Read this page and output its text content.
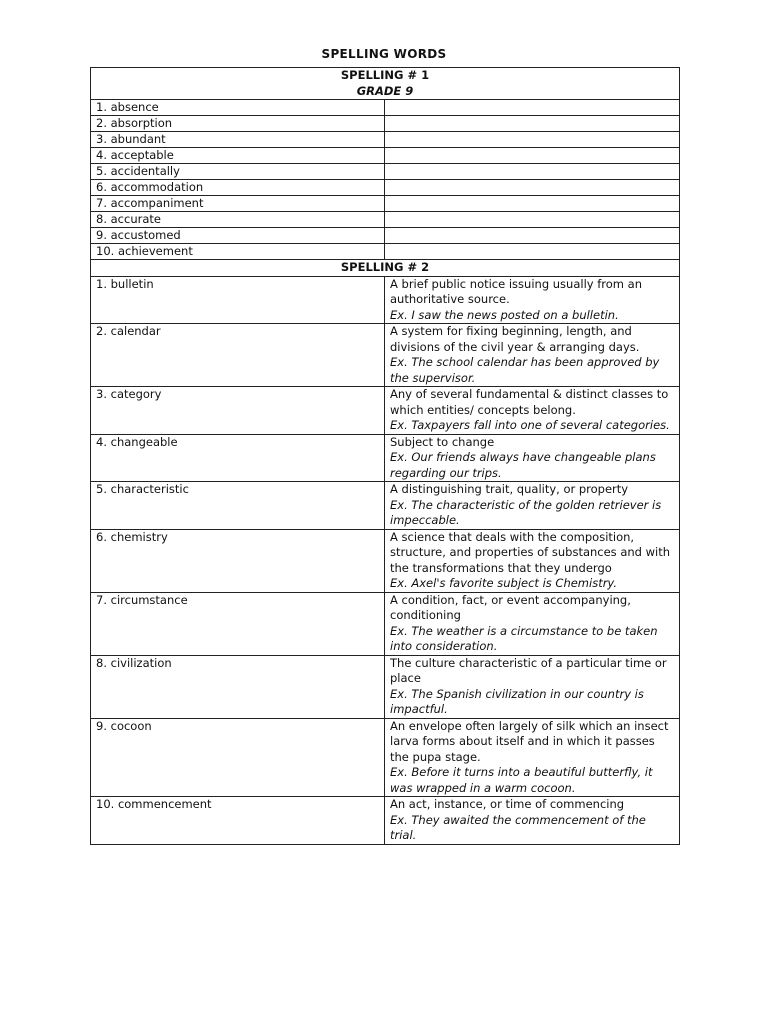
SPELLING WORDS
SPELLING # 1
GRADE 9	

1. absence	
2. absorption	
3. abundant	
4. acceptable	
5. accidentally	
6. accommodation	
7. accompaniment	
8. accurate	
9. accustomed	
10. achievement	
SPELLING # 2	
1. bulletin	A brief public notice issuing usually from an authoritative source.
Ex. I saw the news posted on a bulletin.

2. calendar	A system for fixing beginning, length, and divisions of the civil year & arranging days.
Ex. The school calendar has been approved by the supervisor.

3. category	Any of several fundamental & distinct classes to which entities/ concepts belong.
Ex. Taxpayers fall into one of several categories.

4. changeable	Subject to change
Ex. Our friends always have changeable plans regarding our trips.

5. characteristic	A distinguishing trait, quality, or property
Ex. The characteristic of the golden retriever is impeccable.

6. chemistry	A science that deals with the composition, structure, and properties of substances and with the transformations that they undergo
Ex. Axel's favorite subject is Chemistry.

7. circumstance	A condition, fact, or event accompanying, conditioning
Ex. The weather is a circumstance to be taken into consideration.

8. civilization	The culture characteristic of a particular time or place
Ex. The Spanish civilization in our country is impactful.

9. cocoon	An envelope often largely of silk which an insect larva forms about itself and in which it passes the pupa stage.
Ex. Before it turns into a beautiful butterfly, it was wrapped in a warm cocoon.

10. commencement	An act, instance, or time of commencing
Ex. They awaited the commencement of the trial.
